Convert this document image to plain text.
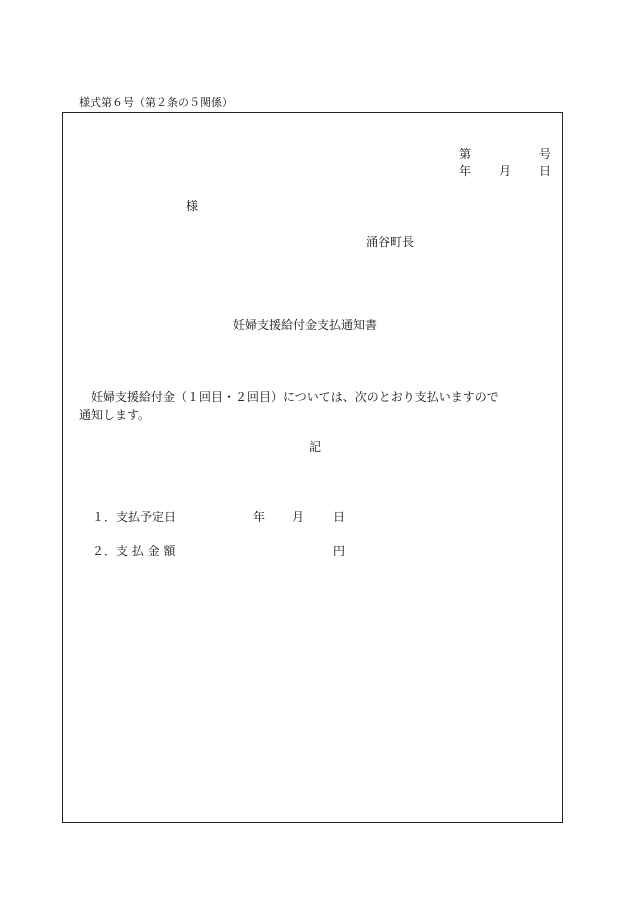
様式第６号（第２条の５関係）
第	号
年 月 日
様
涌谷町長
妊婦支援給付金支払通知書

妊婦支援給付金（１回目・２回目）については、次のとおり支払いますので

通知します。

記
１．支払予定日	年 月 日
２．支 払 金 額	円
